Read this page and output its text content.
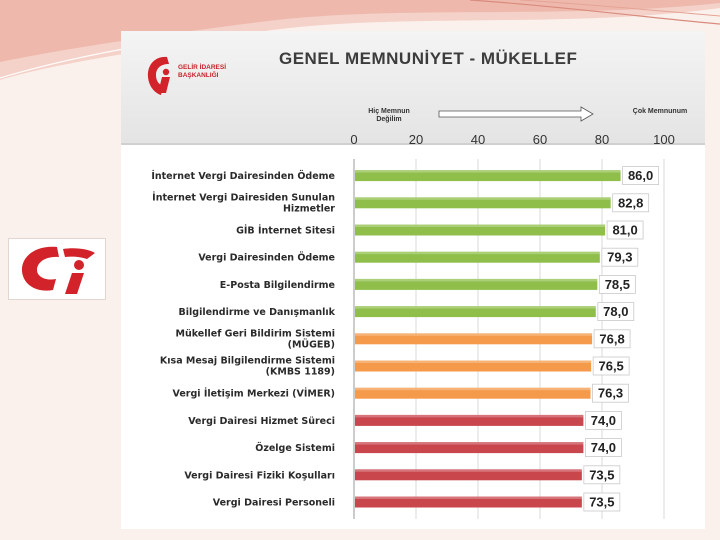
GELİR İDARESİ
BAŞKANLIĞI
GENEL MEMNUNİYET - MÜKELLEF
Hiç Memnun Değilim
Çok Memnunum
0	20	40	60	80	100
İnternet Vergi Dairesinden Ödeme	86,0
İnternet Vergi Dairesiden Sunulan Hizmetler	82,8
GİB İnternet Sitesi	81,0
Vergi Dairesinden Ödeme	79,3
E-Posta Bilgilendirme	78,5
Bilgilendirme ve Danışmanlık	78,0
Mükellef Geri Bildirim Sistemi (MÜGEB)	76,8
Kısa Mesaj Bilgilendirme Sistemi (KMBS 1189)	76,5
Vergi İletişim Merkezi (VİMER)	76,3
Vergi Dairesi Hizmet Süreci	74,0
Özelge Sistemi	74,0
Vergi Dairesi Fiziki Koşulları	73,5
Vergi Dairesi Personeli	73,5
